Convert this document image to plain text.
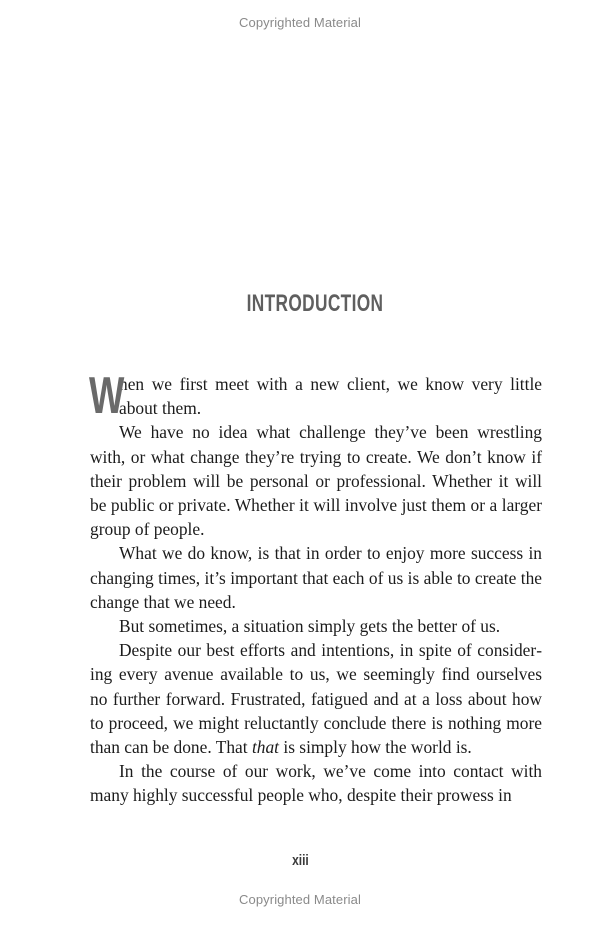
Copyrighted Material
INTRODUCTION

W
hen we first meet with a new client, we know very little about them.

We have no idea what challenge they’ve been wrestling with, or what change they’re trying to create. We don’t know if their problem will be personal or professional. Whether it will be public or private. Whether it will involve just them or a larger group of people.

What we do know, is that in order to enjoy more success in changing times, it’s important that each of us is able to create the change that we need.

But sometimes, a situation simply gets the better of us.

Despite our best efforts and intentions, in spite of considering every avenue available to us, we seemingly find ourselves no further forward. Frustrated, fatigued and at a loss about how to proceed, we might reluctantly conclude there is nothing more than can be done. That that is simply how the world is.

In the course of our work, we’ve come into contact with many highly successful people who, despite their prowess in

xiii
Copyrighted Material
